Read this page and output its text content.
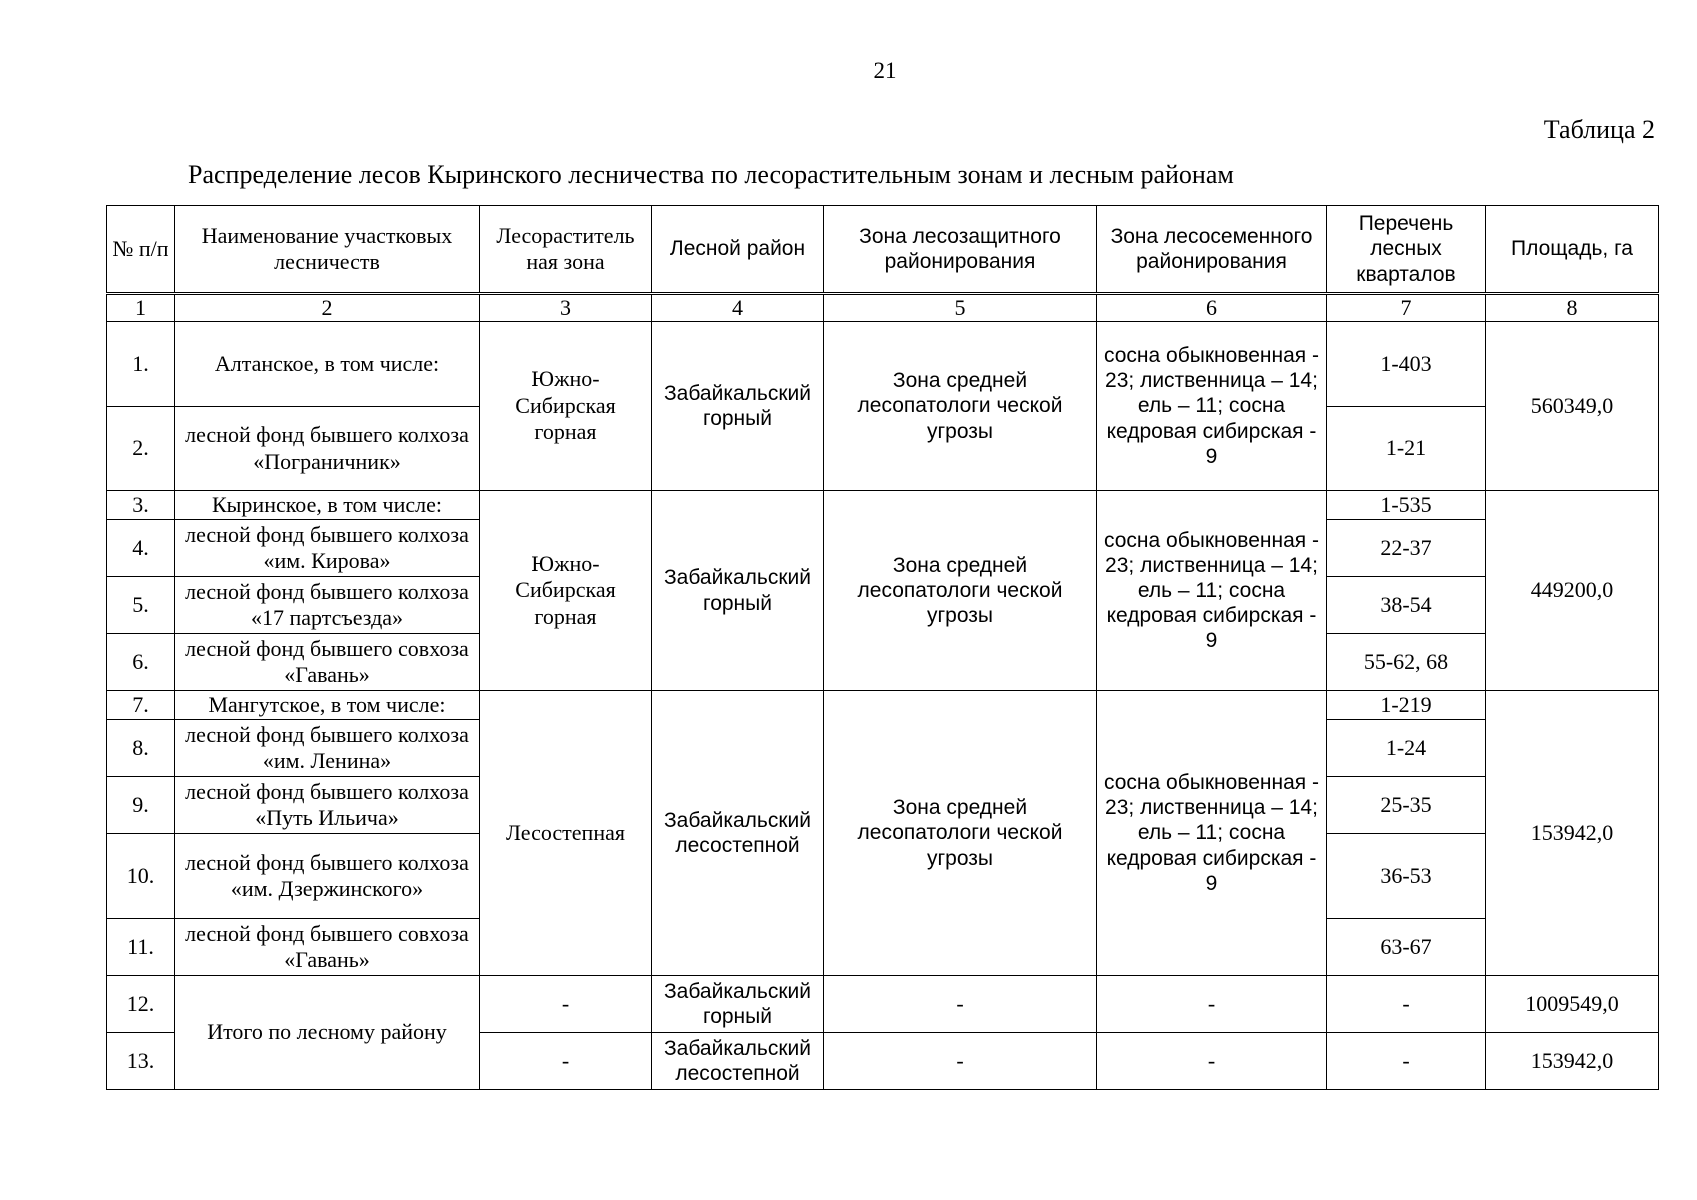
21
Таблица 2
Распределение лесов Кыринского лесничества по лесорастительным зонам и лесным районам
№ п/п	Наименование участковых лесничеств	Лесораститель ная зона	Лесной район	Зона лесозащитного районирования	Зона лесосеменного районирования	Перечень лесных кварталов	Площадь, га
1	2	3	4	5	6	7	8
1.	Алтанское, в том числе:	Южно-Сибирская горная	Забайкальский горный	Зона средней лесопатологи ческой угрозы	сосна обыкновенная - 23; лиственница – 14; ель – 11; сосна кедровая сибирская - 9	1-403	560349,0
2.	лесной фонд бывшего колхоза «Пограничник»					1-21	
3.	Кыринское, в том числе:	Южно-Сибирская горная	Забайкальский горный	Зона средней лесопатологи ческой угрозы	сосна обыкновенная - 23; лиственница – 14; ель – 11; сосна кедровая сибирская - 9	1-535	449200,0
4.	лесной фонд бывшего колхоза «им. Кирова»					22-37	
5.	лесной фонд бывшего колхоза «17 партсъезда»					38-54	
6.	лесной фонд бывшего совхоза «Гавань»					55-62, 68	
7.	Мангутское, в том числе:	Лесостепная	Забайкальский лесостепной	Зона средней лесопатологи ческой угрозы	сосна обыкновенная - 23; лиственница – 14; ель – 11; сосна кедровая сибирская - 9	1-219	153942,0
8.	лесной фонд бывшего колхоза «им. Ленина»					1-24	
9.	лесной фонд бывшего колхоза «Путь Ильича»					25-35	
10.	лесной фонд бывшего колхоза «им. Дзержинского»					36-53	
11.	лесной фонд бывшего совхоза «Гавань»					63-67	
12.	Итого по лесному району	-	Забайкальский горный	-	-	-	1009549,0
13.		-	Забайкальский лесостепной	-	-	-	153942,0
